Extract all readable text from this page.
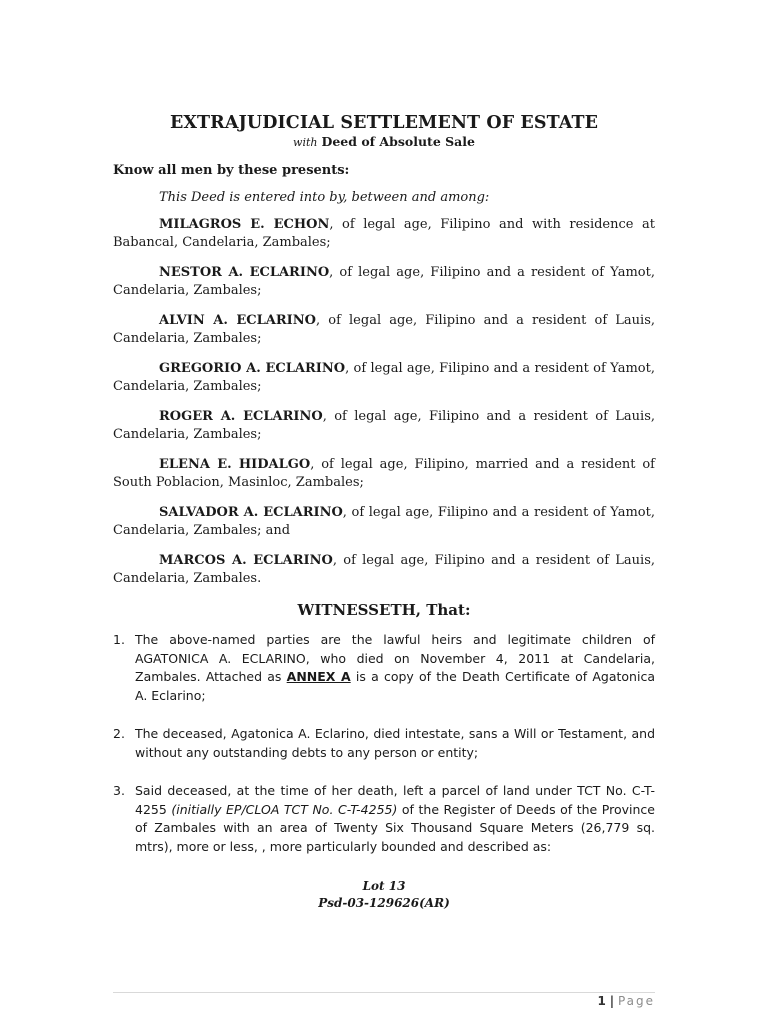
EXTRAJUDICIAL SETTLEMENT OF ESTATE

with Deed of Absolute Sale

Know all men by these presents:

This Deed is entered into by, between and among:

MILAGROS E. ECHON, of legal age, Filipino and with residence at Babancal, Candelaria, Zambales;

NESTOR A. ECLARINO, of legal age, Filipino and a resident of Yamot, Candelaria, Zambales;

ALVIN A. ECLARINO, of legal age, Filipino and a resident of Lauis, Candelaria, Zambales;

GREGORIO A. ECLARINO, of legal age, Filipino and a resident of Yamot, Candelaria, Zambales;

ROGER A. ECLARINO, of legal age, Filipino and a resident of Lauis, Candelaria, Zambales;

ELENA E. HIDALGO, of legal age, Filipino, married and a resident of South Poblacion, Masinloc, Zambales;

SALVADOR A. ECLARINO, of legal age, Filipino and a resident of Yamot, Candelaria, Zambales; and

MARCOS A. ECLARINO, of legal age, Filipino and a resident of Lauis, Candelaria, Zambales.

WITNESSETH, That:
1. The above-named parties are the lawful heirs and legitimate children of AGATONICA A. ECLARINO, who died on November 4, 2011 at Candelaria, Zambales. Attached as ANNEX A is a copy of the Death Certificate of Agatonica A. Eclarino;
2. The deceased, Agatonica A. Eclarino, died intestate, sans a Will or Testament, and without any outstanding debts to any person or entity;
3. Said deceased, at the time of her death, left a parcel of land under TCT No. C-T-4255 (initially EP/CLOA TCT No. C-T-4255) of the Register of Deeds of the Province of Zambales with an area of Twenty Six Thousand Square Meters (26,779 sq. mtrs), more or less, , more particularly bounded and described as:

Lot 13

Psd-03-129626(AR)

1 | Page
